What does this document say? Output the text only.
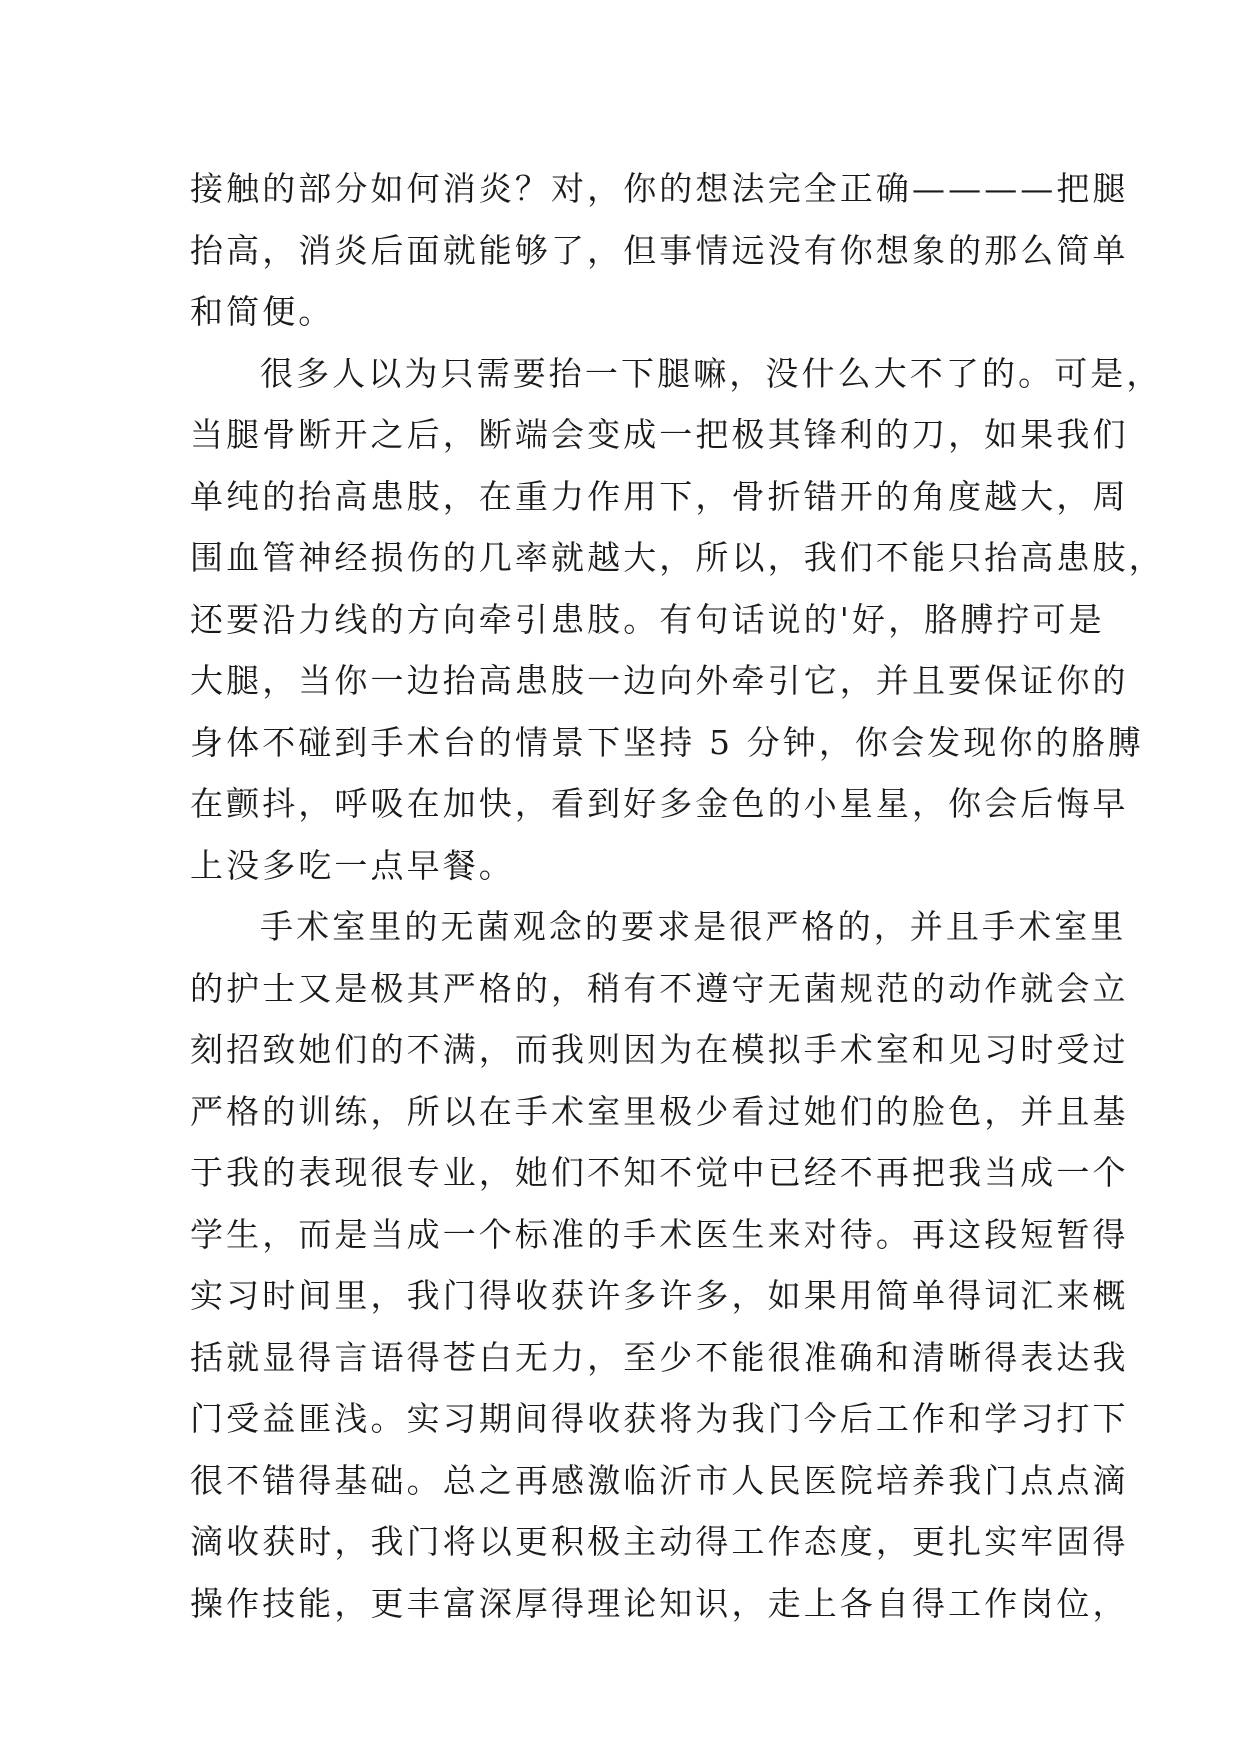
接触的部分如何消炎？对，你的想法完全正确————把腿
抬高，消炎后面就能够了，但事情远没有你想象的那么简单
和简便。
很多人以为只需要抬一下腿嘛，没什么大不了的。可是，
当腿骨断开之后，断端会变成一把极其锋利的刀，如果我们
单纯的抬高患肢，在重力作用下，骨折错开的角度越大，周
围血管神经损伤的几率就越大，所以，我们不能只抬高患肢，
还要沿力线的方向牵引患肢。有句话说的'好，胳膊拧可是
大腿，当你一边抬高患肢一边向外牵引它，并且要保证你的
身体不碰到手术台的情景下坚持 5 分钟，你会发现你的胳膊
在颤抖，呼吸在加快，看到好多金色的小星星，你会后悔早
上没多吃一点早餐。
手术室里的无菌观念的要求是很严格的，并且手术室里
的护士又是极其严格的，稍有不遵守无菌规范的动作就会立
刻招致她们的不满，而我则因为在模拟手术室和见习时受过
严格的训练，所以在手术室里极少看过她们的脸色，并且基
于我的表现很专业，她们不知不觉中已经不再把我当成一个
学生，而是当成一个标准的手术医生来对待。再这段短暂得
实习时间里，我门得收获许多许多，如果用简单得词汇来概
括就显得言语得苍白无力，至少不能很准确和清晰得表达我
门受益匪浅。实习期间得收获将为我门今后工作和学习打下
很不错得基础。总之再感激临沂市人民医院培养我门点点滴
滴收获时，我门将以更积极主动得工作态度，更扎实牢固得
操作技能，更丰富深厚得理论知识，走上各自得工作岗位，
